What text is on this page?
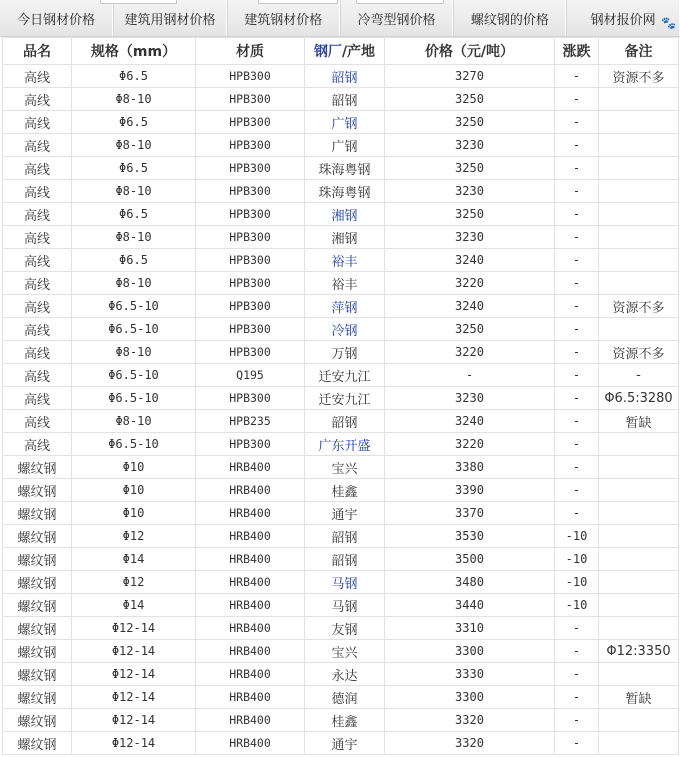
今日钢材价格	建筑用钢材价格	建筑钢材价格	冷弯型钢价格	螺纹钢的价格	钢材报价网 🐾
品名	规格（mm）	材质	钢厂/产地	价格（元/吨）	涨跌	备注
高线	Φ6.5	HPB300	韶钢	3270	-	资源不多
高线	Φ8-10	HPB300	韶钢	3250	-	
高线	Φ6.5	HPB300	广钢	3250	-	
高线	Φ8-10	HPB300	广钢	3230	-	
高线	Φ6.5	HPB300	珠海粤钢	3250	-	
高线	Φ8-10	HPB300	珠海粤钢	3230	-	
高线	Φ6.5	HPB300	湘钢	3250	-	
高线	Φ8-10	HPB300	湘钢	3230	-	
高线	Φ6.5	HPB300	裕丰	3240	-	
高线	Φ8-10	HPB300	裕丰	3220	-	
高线	Φ6.5-10	HPB300	萍钢	3240	-	资源不多
高线	Φ6.5-10	HPB300	冷钢	3250	-	
高线	Φ8-10	HPB300	万钢	3220	-	资源不多
高线	Φ6.5-10	Q195	迁安九江	-	-	-
高线	Φ6.5-10	HPB300	迁安九江	3230	-	Φ6.5:3280
高线	Φ8-10	HPB235	韶钢	3240	-	暂缺
高线	Φ6.5-10	HPB300	广东开盛	3220	-	
螺纹钢	Φ10	HRB400	宝兴	3380	-	
螺纹钢	Φ10	HRB400	桂鑫	3390	-	
螺纹钢	Φ10	HRB400	通宇	3370	-	
螺纹钢	Φ12	HRB400	韶钢	3530	-10	
螺纹钢	Φ14	HRB400	韶钢	3500	-10	
螺纹钢	Φ12	HRB400	马钢	3480	-10	
螺纹钢	Φ14	HRB400	马钢	3440	-10	
螺纹钢	Φ12-14	HRB400	友钢	3310	-	
螺纹钢	Φ12-14	HRB400	宝兴	3300	-	Φ12:3350
螺纹钢	Φ12-14	HRB400	永达	3330	-	
螺纹钢	Φ12-14	HRB400	德润	3300	-	暂缺
螺纹钢	Φ12-14	HRB400	桂鑫	3320	-	
螺纹钢	Φ12-14	HRB400	通宇	3320	-	
